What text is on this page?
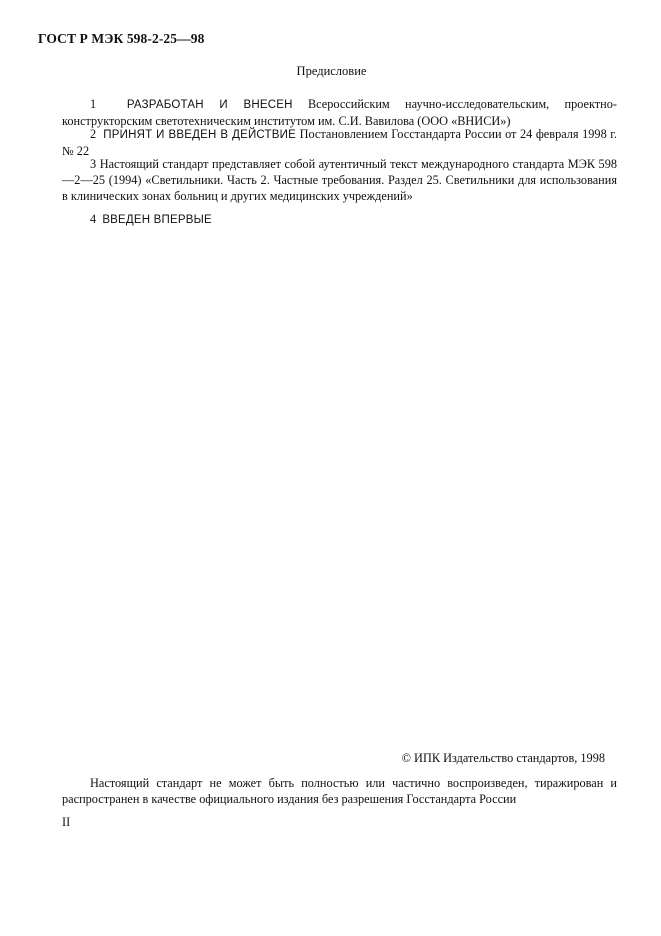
ГОСТ Р МЭК 598-2-25—98
Предисловие
1	РАЗРАБОТАН И ВНЕСЕН Всероссийским научно-исследовательским, проектно-конструкторским светотехническим институтом им. С.И. Вавилова (ООО «ВНИСИ»)
2 ПРИНЯТ И ВВЕДЕН В ДЕЙСТВИЕ Постановлением Госстандарта России от 24 февраля 1998 г. № 22
3 Настоящий стандарт представляет собой аутентичный текст международного стандарта МЭК 598—2—25 (1994) «Светильники. Часть 2. Частные требования. Раздел 25. Светильники для использования в клинических зонах больниц и других медицинских учреждений»
4 ВВЕДЕН ВПЕРВЫЕ
© ИПК Издательство стандартов, 1998
Настоящий стандарт не может быть полностью или частично воспроизведен, тиражирован и распространен в качестве официального издания без разрешения Госстандарта России
II
